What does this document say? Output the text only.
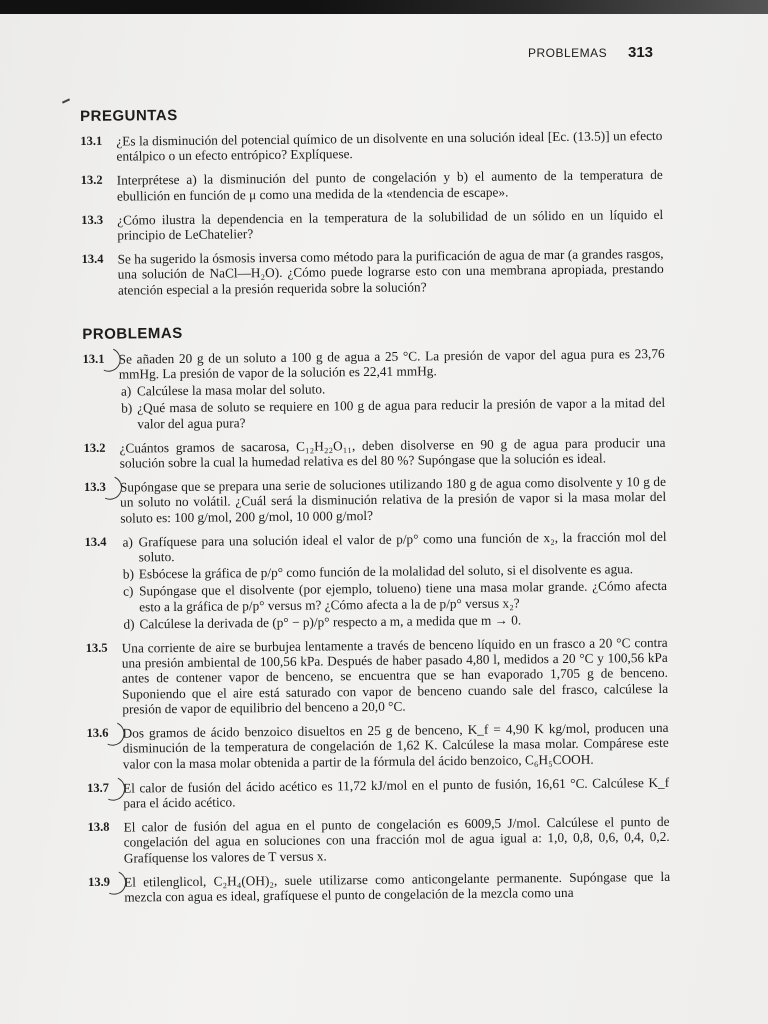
PROBLEMAS 313
PREGUNTAS
13.1 ¿Es la disminución del potencial químico de un disolvente en una solución ideal [Ec. (13.5)] un efecto entálpico o un efecto entrópico? Explíquese.
13.2 Interprétese a) la disminución del punto de congelación y b) el aumento de la temperatura de ebullición en función de μ como una medida de la «tendencia de escape».
13.3 ¿Cómo ilustra la dependencia en la temperatura de la solubilidad de un sólido en un líquido el principio de LeChatelier?
13.4 Se ha sugerido la ósmosis inversa como método para la purificación de agua de mar (a grandes rasgos, una solución de NaCl—H₂O). ¿Cómo puede lograrse esto con una membrana apropiada, prestando atención especial a la presión requerida sobre la solución?
PROBLEMAS
13.1 Se añaden 20 g de un soluto a 100 g de agua a 25 °C. La presión de vapor del agua pura es 23,76 mmHg. La presión de vapor de la solución es 22,41 mmHg.
a) Calcúlese la masa molar del soluto.
b) ¿Qué masa de soluto se requiere en 100 g de agua para reducir la presión de vapor a la mitad del valor del agua pura?
13.2 ¿Cuántos gramos de sacarosa, C₁₂H₂₂O₁₁, deben disolverse en 90 g de agua para producir una solución sobre la cual la humedad relativa es del 80 %? Supóngase que la solución es ideal.
13.3 Supóngase que se prepara una serie de soluciones utilizando 180 g de agua como disolvente y 10 g de un soluto no volátil. ¿Cuál será la disminución relativa de la presión de vapor si la masa molar del soluto es: 100 g/mol, 200 g/mol, 10 000 g/mol?
13.4 a) Grafíquese para una solución ideal el valor de p/p° como una función de x₂, la fracción mol del soluto.
b) Esbócese la gráfica de p/p° como función de la molalidad del soluto, si el disolvente es agua.
c) Supóngase que el disolvente (por ejemplo, tolueno) tiene una masa molar grande. ¿Cómo afecta esto a la gráfica de p/p° versus m? ¿Cómo afecta a la de p/p° versus x₂?
d) Calcúlese la derivada de (p° − p)/p° respecto a m, a medida que m → 0.
13.5 Una corriente de aire se burbujea lentamente a través de benceno líquido en un frasco a 20 °C contra una presión ambiental de 100,56 kPa. Después de haber pasado 4,80 l, medidos a 20 °C y 100,56 kPa antes de contener vapor de benceno, se encuentra que se han evaporado 1,705 g de benceno. Suponiendo que el aire está saturado con vapor de benceno cuando sale del frasco, calcúlese la presión de vapor de equilibrio del benceno a 20,0 °C.
13.6 Dos gramos de ácido benzoico disueltos en 25 g de benceno, K_f = 4,90 K kg/mol, producen una disminución de la temperatura de congelación de 1,62 K. Calcúlese la masa molar. Compárese este valor con la masa molar obtenida a partir de la fórmula del ácido benzoico, C₆H₅COOH.
13.7 El calor de fusión del ácido acético es 11,72 kJ/mol en el punto de fusión, 16,61 °C. Calcúlese K_f para el ácido acético.
13.8 El calor de fusión del agua en el punto de congelación es 6009,5 J/mol. Calcúlese el punto de congelación del agua en soluciones con una fracción mol de agua igual a: 1,0, 0,8, 0,6, 0,4, 0,2. Grafíquense los valores de T versus x.
13.9 El etilenglicol, C₂H₄(OH)₂, suele utilizarse como anticongelante permanente. Supóngase que la mezcla con agua es ideal, grafíquese el punto de congelación de la mezcla como una
